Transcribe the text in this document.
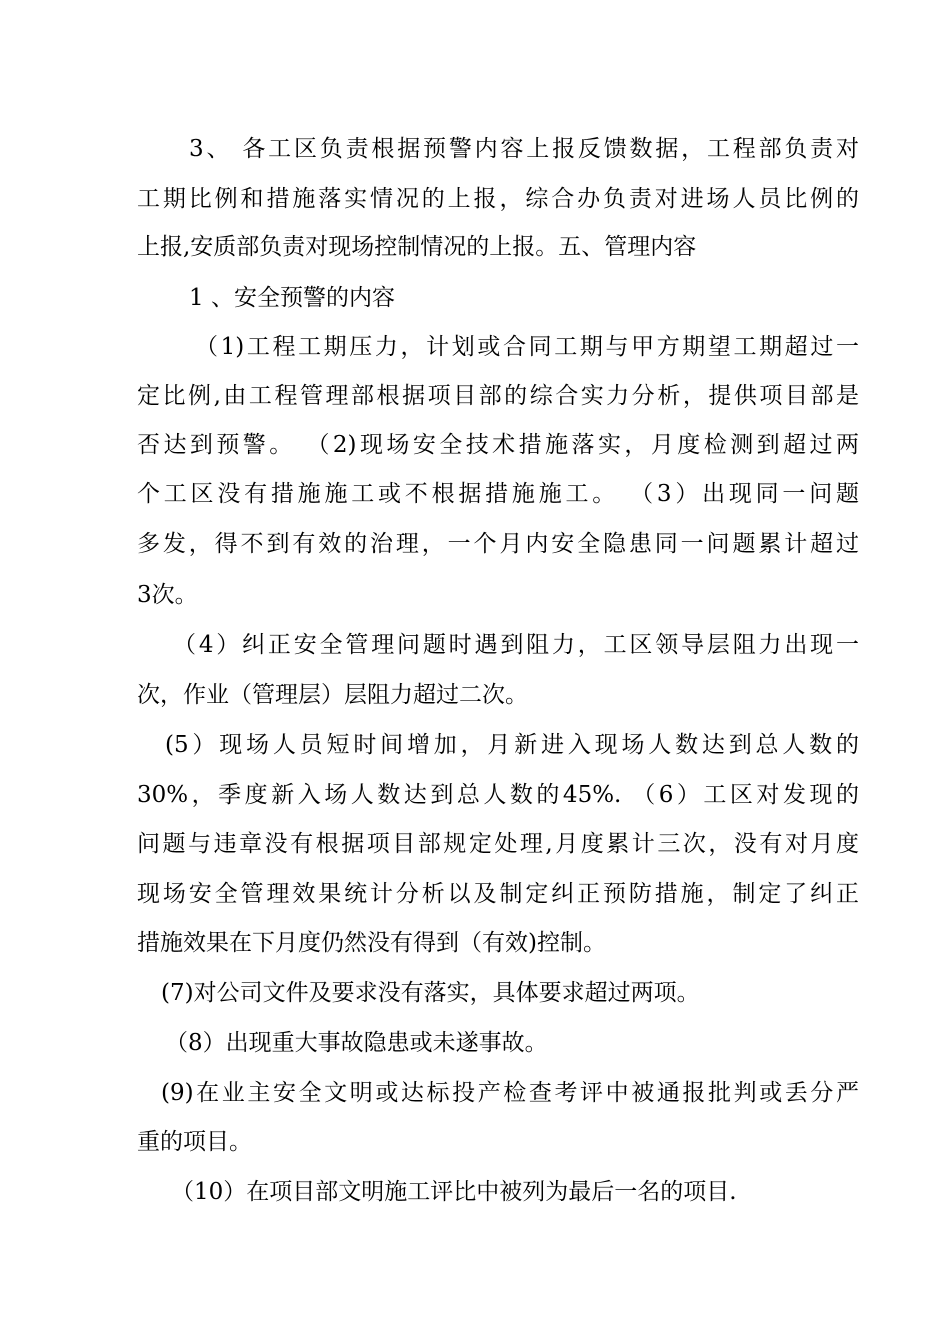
3、 各工区负责根据预警内容上报反馈数据，工程部负责对
工期比例和措施落实情况的上报，综合办负责对进场人员比例的
上报,安质部负责对现场控制情况的上报。五、管理内容
1 、安全预警的内容
（1)工程工期压力，计划或合同工期与甲方期望工期超过一
定比例,由工程管理部根据项目部的综合实力分析，提供项目部是
否达到预警。 （2)现场安全技术措施落实，月度检测到超过两
个工区没有措施施工或不根据措施施工。 （3）出现同一问题
多发，得不到有效的治理，一个月内安全隐患同一问题累计超过
3次。
（4）纠正安全管理问题时遇到阻力，工区领导层阻力出现一
次，作业（管理层）层阻力超过二次。
(5）现场人员短时间增加，月新进入现场人数达到总人数的
30%，季度新入场人数达到总人数的45%. （6）工区对发现的
问题与违章没有根据项目部规定处理,月度累计三次，没有对月度
现场安全管理效果统计分析以及制定纠正预防措施，制定了纠正
措施效果在下月度仍然没有得到（有效)控制。
(7)对公司文件及要求没有落实，具体要求超过两项。
（8）出现重大事故隐患或未遂事故。
(9)在业主安全文明或达标投产检查考评中被通报批判或丢分严
重的项目。
（10）在项目部文明施工评比中被列为最后一名的项目.
